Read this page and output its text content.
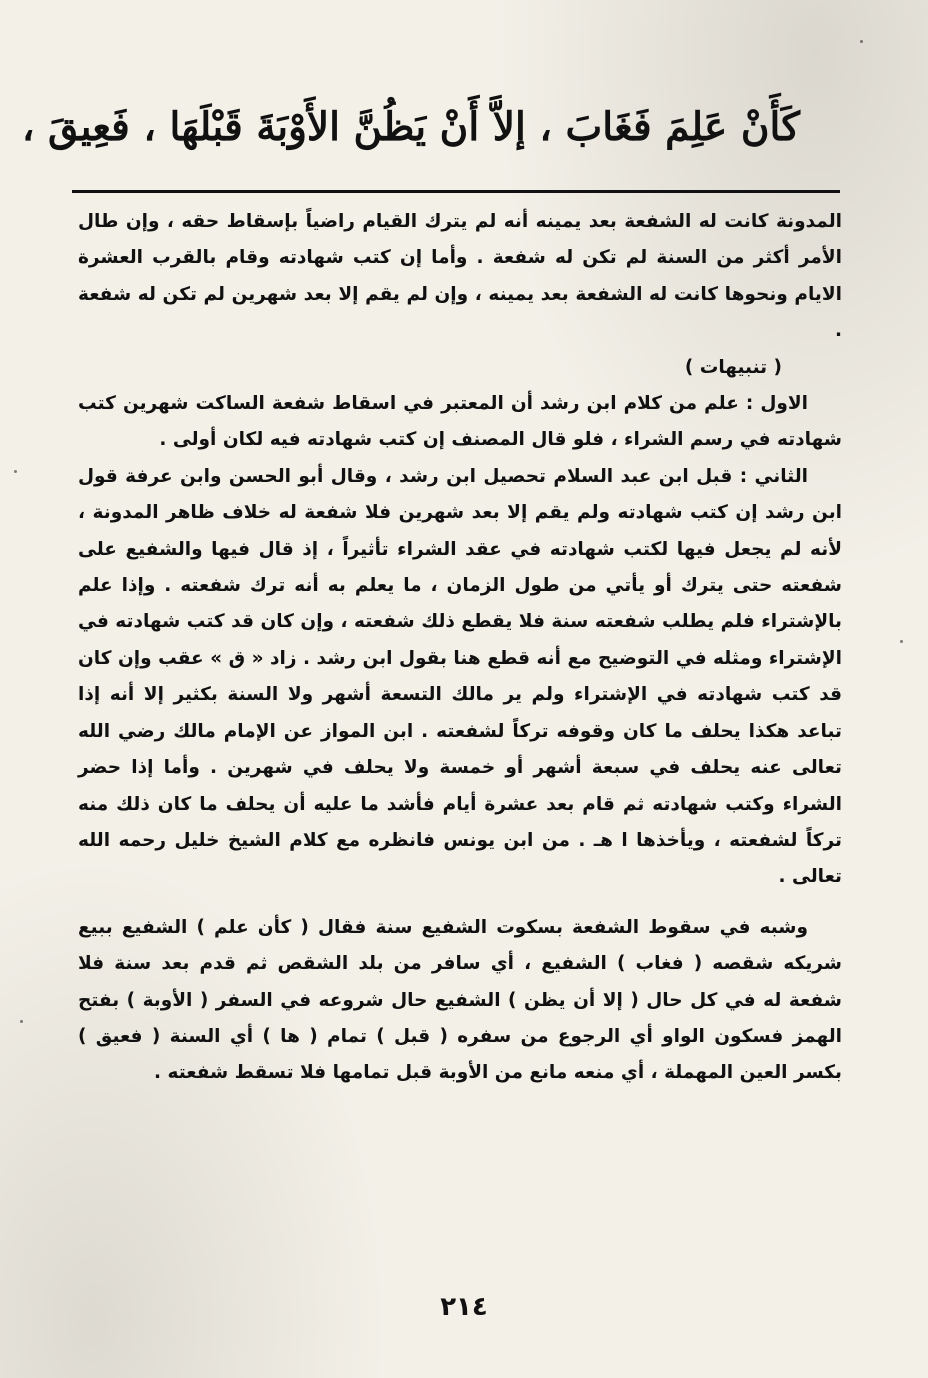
كَأَنْ عَلِمَ فَغَابَ ، إلاَّ أَنْ يَظُنَّ الأَوْبَةَ قَبْلَهَا ، فَعِيقَ ،

المدونة كانت له الشفعة بعد يمينه أنه لم يترك القيام راضياً بإسقاط حقه ، وإن طال الأمر أكثر من السنة لم تكن له شفعة . وأما إن كتب شهادته وقام بالقرب العشرة الايام ونحوها كانت له الشفعة بعد يمينه ، وإن لم يقم إلا بعد شهرين لم تكن له شفعة .

( تنبيهات )

الاول : علم من كلام ابن رشد أن المعتبر في اسقاط شفعة الساكت شهرين كتب شهادته في رسم الشراء ، فلو قال المصنف إن كتب شهادته فيه لكان أولى .

الثاني : قبل ابن عبد السلام تحصيل ابن رشد ، وقال أبو الحسن وابن عرفة قول ابن رشد إن كتب شهادته ولم يقم إلا بعد شهرين فلا شفعة له خلاف ظاهر المدونة ، لأنه لم يجعل فيها لكتب شهادته في عقد الشراء تأثيراً ، إذ قال فيها والشفيع على شفعته حتى يترك أو يأتي من طول الزمان ، ما يعلم به أنه ترك شفعته . وإذا علم بالإشتراء فلم يطلب شفعته سنة فلا يقطع ذلك شفعته ، وإن كان قد كتب شهادته في الإشتراء ومثله في التوضيح مع أنه قطع هنا بقول ابن رشد . زاد « ق » عقب وإن كان قد كتب شهادته في الإشتراء ولم ير مالك التسعة أشهر ولا السنة بكثير إلا أنه إذا تباعد هكذا يحلف ما كان وقوفه تركاً لشفعته . ابن المواز عن الإمام مالك رضي الله تعالى عنه يحلف في سبعة أشهر أو خمسة ولا يحلف في شهرين . وأما إذا حضر الشراء وكتب شهادته ثم قام بعد عشرة أيام فأشد ما عليه أن يحلف ما كان ذلك منه تركاً لشفعته ، ويأخذها ا هـ . من ابن يونس فانظره مع كلام الشيخ خليل رحمه الله تعالى .

وشبه في سقوط الشفعة بسكوت الشفيع سنة فقال ( كأن علم ) الشفيع ببيع شريكه شقصه ( فغاب ) الشفيع ، أي سافر من بلد الشقص ثم قدم بعد سنة فلا شفعة له في كل حال ( إلا أن يظن ) الشفيع حال شروعه في السفر ( الأوبة ) بفتح الهمز فسكون الواو أي الرجوع من سفره ( قبل ) تمام ( ها ) أي السنة ( فعيق ) بكسر العين المهملة ، أي منعه مانع من الأوبة قبل تمامها فلا تسقط شفعته .

٢١٤
